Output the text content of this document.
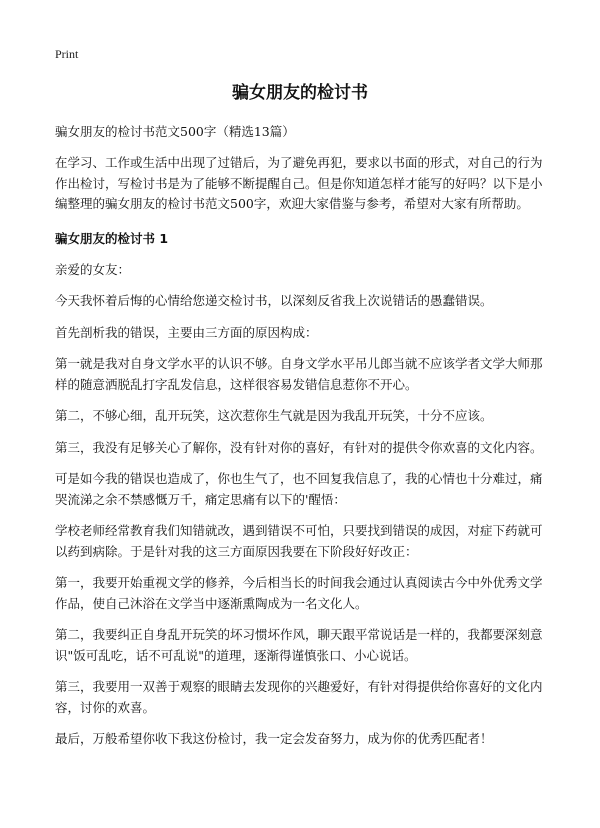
Print
骗女朋友的检讨书
骗女朋友的检讨书范文500字（精选13篇）

在学习、工作或生活中出现了过错后，为了避免再犯，要求以书面的形式，对自己的行为作出检讨，写检讨书是为了能够不断提醒自己。但是你知道怎样才能写的好吗？以下是小编整理的骗女朋友的检讨书范文500字，欢迎大家借鉴与参考，希望对大家有所帮助。

骗女朋友的检讨书 1

亲爱的女友：

今天我怀着后悔的心情给您递交检讨书，以深刻反省我上次说错话的愚蠢错误。

首先剖析我的错误，主要由三方面的原因构成：

第一就是我对自身文学水平的认识不够。自身文学水平吊儿郎当就不应该学者文学大师那样的随意洒脱乱打字乱发信息，这样很容易发错信息惹你不开心。

第二，不够心细，乱开玩笑，这次惹你生气就是因为我乱开玩笑，十分不应该。

第三，我没有足够关心了解你，没有针对你的喜好，有针对的提供令你欢喜的文化内容。

可是如今我的错误也造成了，你也生气了，也不回复我信息了，我的心情也十分难过，痛哭流涕之余不禁感慨万千，痛定思痛有以下的'醒悟：

学校老师经常教育我们知错就改，遇到错误不可怕，只要找到错误的成因，对症下药就可以药到病除。于是针对我的这三方面原因我要在下阶段好好改正：

第一，我要开始重视文学的修养，今后相当长的时间我会通过认真阅读古今中外优秀文学作品，使自己沐浴在文学当中逐渐熏陶成为一名文化人。

第二，我要纠正自身乱开玩笑的坏习惯坏作风，聊天跟平常说话是一样的，我都要深刻意识"饭可乱吃，话不可乱说"的道理，逐渐得谨慎张口、小心说话。

第三，我要用一双善于观察的眼睛去发现你的兴趣爱好，有针对得提供给你喜好的文化内容，讨你的欢喜。

最后，万般希望你收下我这份检讨，我一定会发奋努力，成为你的优秀匹配者！
